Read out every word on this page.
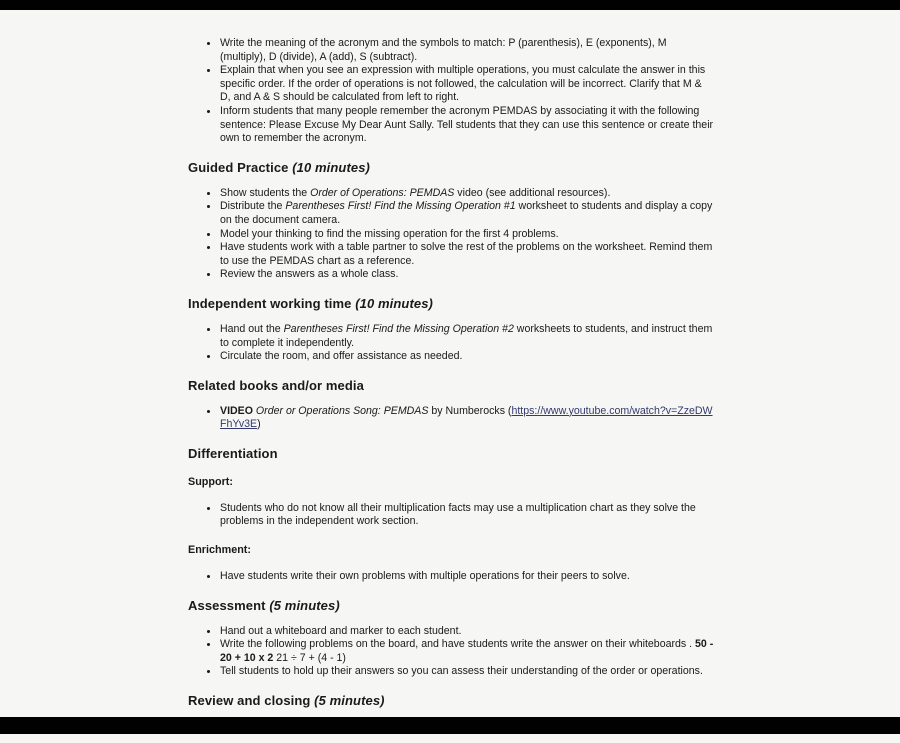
• Write the meaning of the acronym and the symbols to match: P (parenthesis), E (exponents), M (multiply), D (divide), A (add), S (subtract).
• Explain that when you see an expression with multiple operations, you must calculate the answer in this specific order. If the order of operations is not followed, the calculation will be incorrect. Clarify that M & D, and A & S should be calculated from left to right.
• Inform students that many people remember the acronym PEMDAS by associating it with the following sentence: Please Excuse My Dear Aunt Sally. Tell students that they can use this sentence or create their own to remember the acronym.
Guided Practice (10 minutes)
• Show students the Order of Operations: PEMDAS video (see additional resources).
• Distribute the Parentheses First! Find the Missing Operation #1 worksheet to students and display a copy on the document camera.
• Model your thinking to find the missing operation for the first 4 problems.
• Have students work with a table partner to solve the rest of the problems on the worksheet. Remind them to use the PEMDAS chart as a reference.
• Review the answers as a whole class.
Independent working time (10 minutes)
• Hand out the Parentheses First! Find the Missing Operation #2 worksheets to students, and instruct them to complete it independently.
• Circulate the room, and offer assistance as needed.
Related books and/or media
• VIDEO Order or Operations Song: PEMDAS by Numberocks (https://www.youtube.com/watch?v=ZzeDWFhYv3E)
Differentiation
Support:
• Students who do not know all their multiplication facts may use a multiplication chart as they solve the problems in the independent work section.
Enrichment:
• Have students write their own problems with multiple operations for their peers to solve.
Assessment (5 minutes)
• Hand out a whiteboard and marker to each student.
• Write the following problems on the board, and have students write the answer on their whiteboards . 50 - 20 + 10 x 2 21 ÷ 7 + (4 - 1)
• Tell students to hold up their answers so you can assess their understanding of the order or operations.
Review and closing (5 minutes)
•
